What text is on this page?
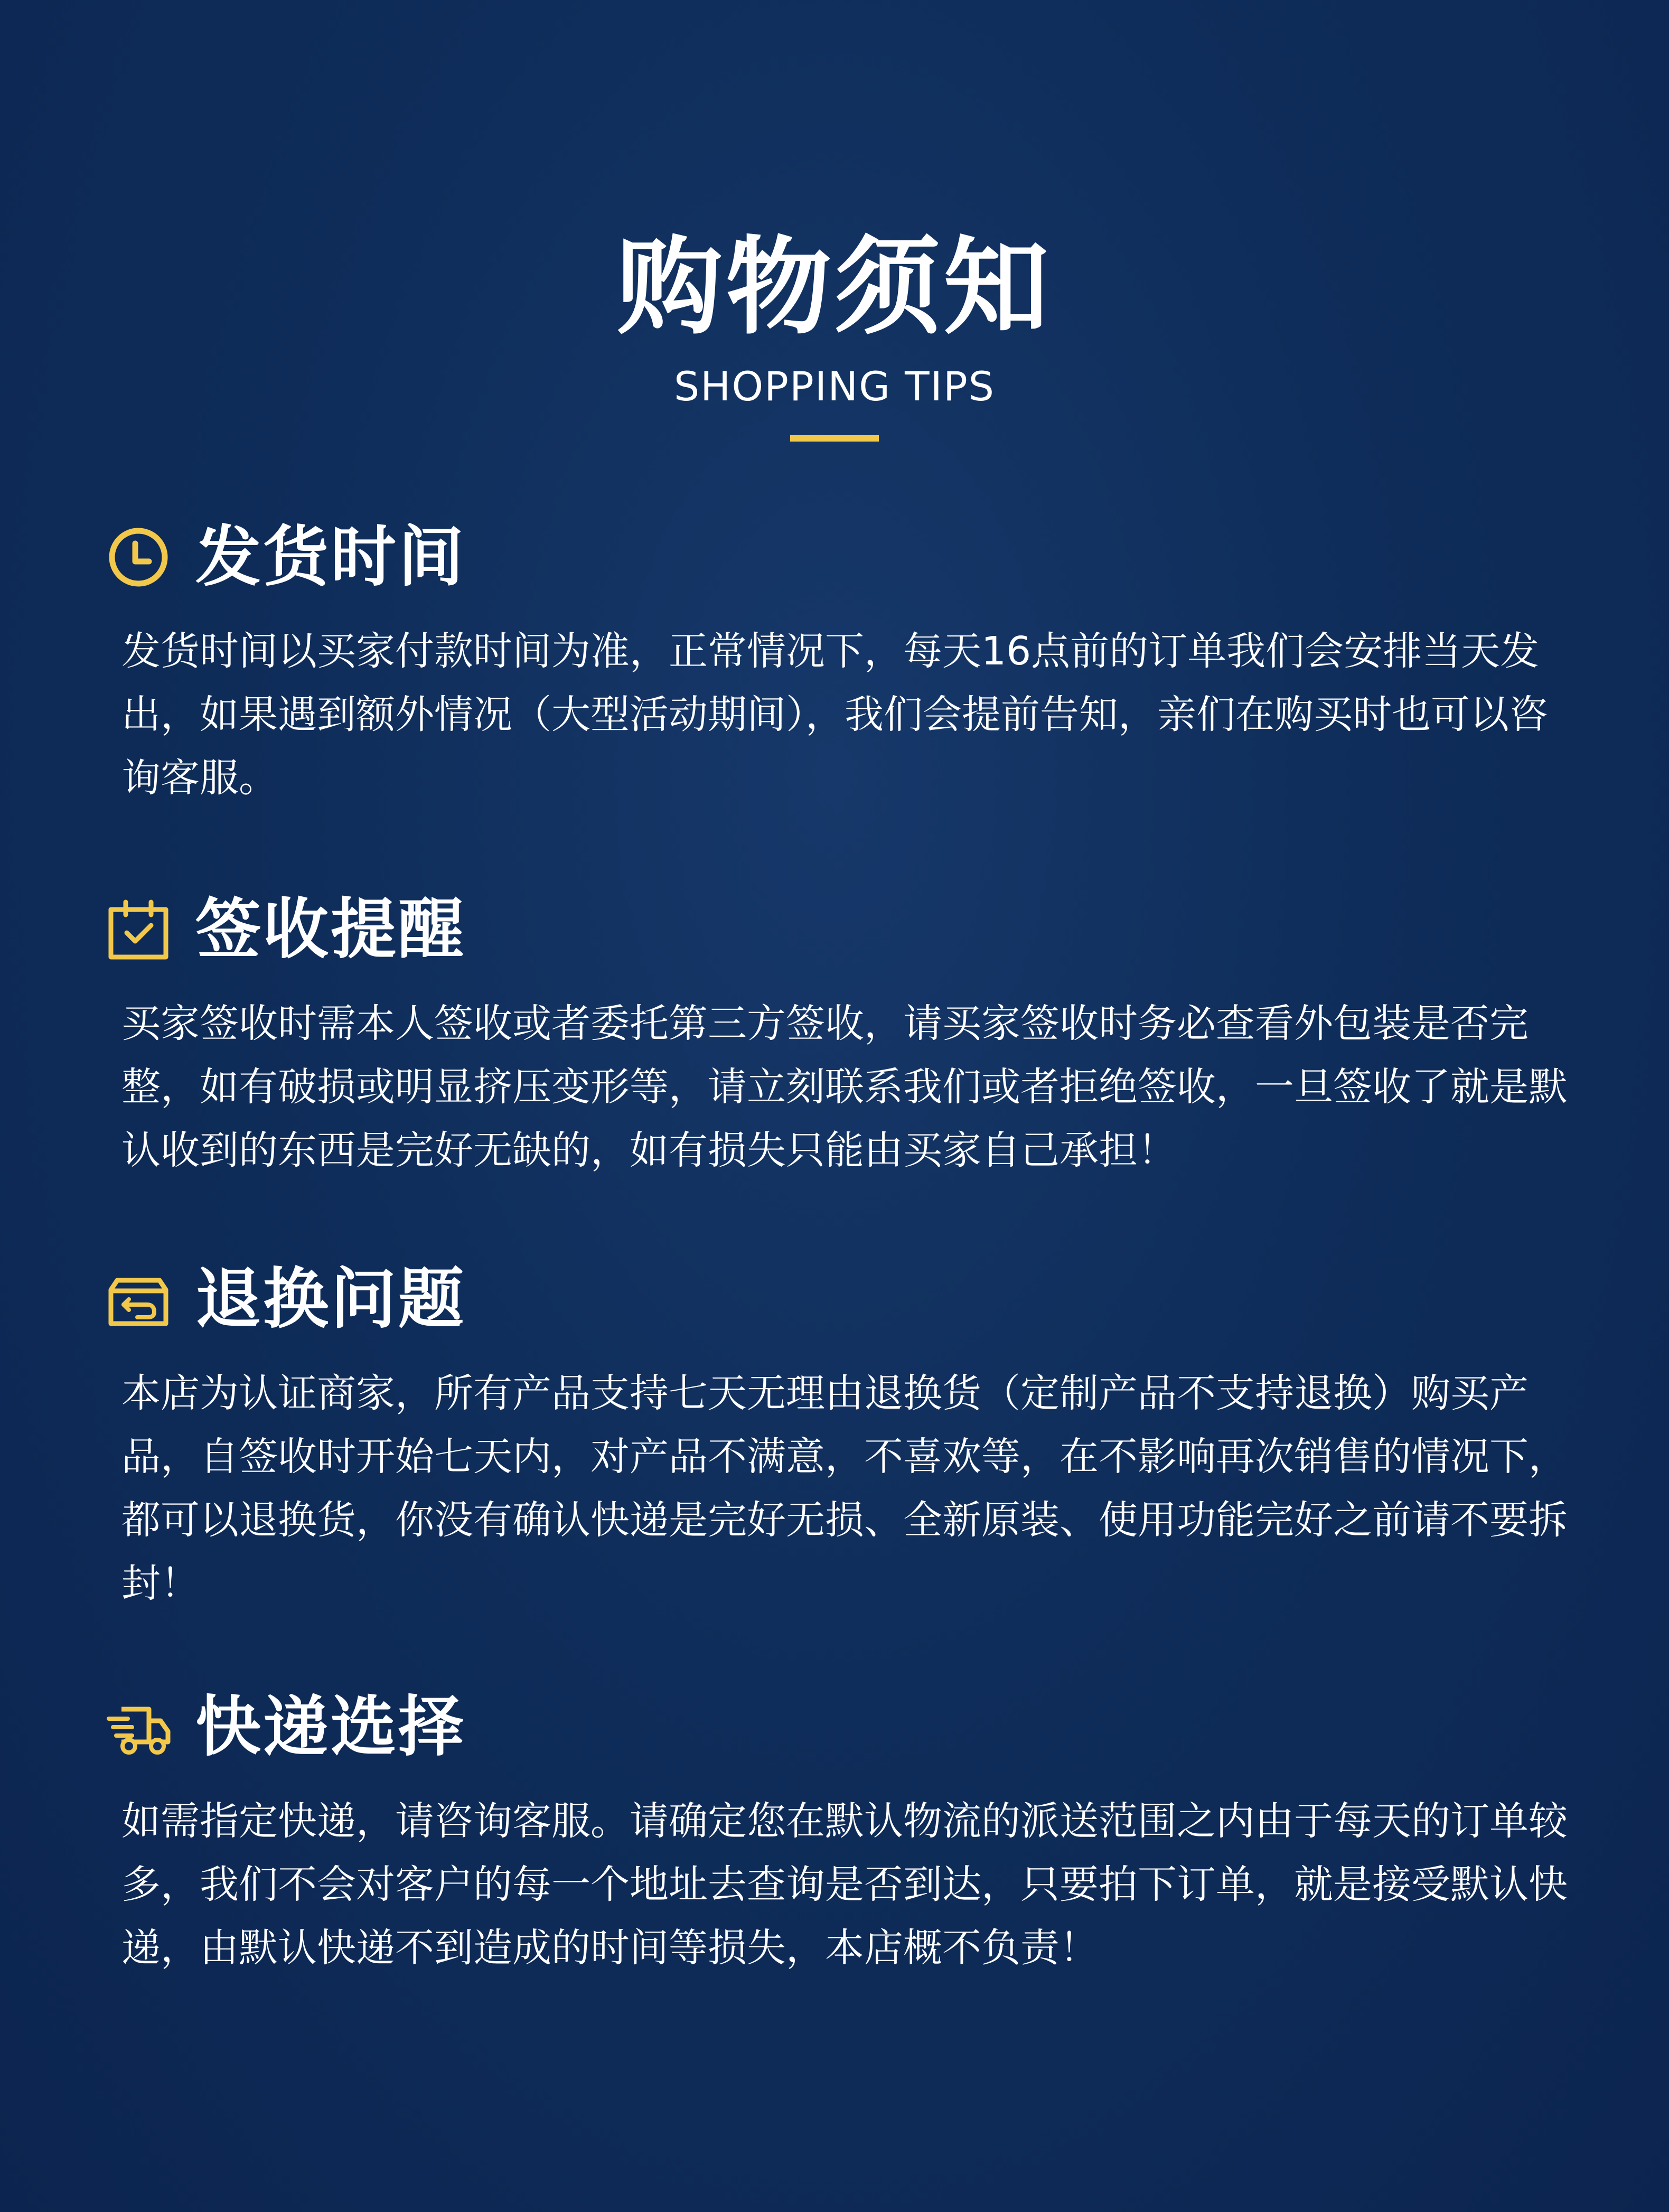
购物须知
SHOPPING TIPS
发货时间
发货时间以买家付款时间为准，正常情况下，每天16点前的订单我们会安排当天发出，如果遇到额外情况（大型活动期间），我们会提前告知，亲们在购买时也可以咨询客服。
签收提醒
买家签收时需本人签收或者委托第三方签收，请买家签收时务必查看外包装是否完整，如有破损或明显挤压变形等，请立刻联系我们或者拒绝签收，一旦签收了就是默认收到的东西是完好无缺的，如有损失只能由买家自己承担！
退换问题
本店为认证商家，所有产品支持七天无理由退换货（定制产品不支持退换）购买产品，自签收时开始七天内，对产品不满意，不喜欢等，在不影响再次销售的情况下，都可以退换货，你没有确认快递是完好无损、全新原装、使用功能完好之前请不要拆封！
快递选择
如需指定快递，请咨询客服。请确定您在默认物流的派送范围之内由于每天的订单较多，我们不会对客户的每一个地址去查询是否到达，只要拍下订单，就是接受默认快递，由默认快递不到造成的时间等损失，本店概不负责！
